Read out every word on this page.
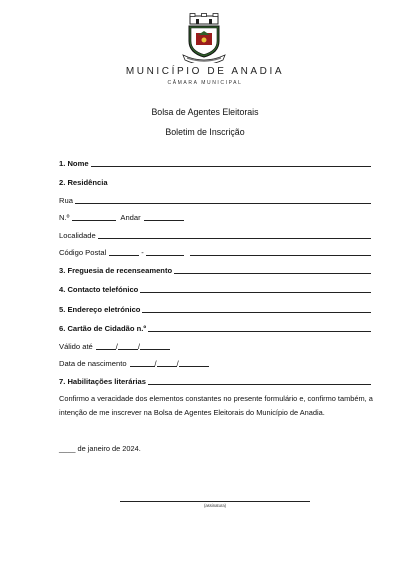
MUNICÍPIO DE ANADIA
CÂMARA MUNICIPAL
Bolsa de Agentes Eleitorais
Boletim de Inscrição
1. Nome
2. Residência
Rua
N.º	Andar
Localidade
Código Postal	-
3. Freguesia de recenseamento
4. Contacto telefónico
5. Endereço eletrónico
6. Cartão de Cidadão n.º
Válido até	/	/
Data de nascimento	/	/
7. Habilitações literárias
Confirmo a veracidade dos elementos constantes no presente formulário e, confirmo também, a intenção de me inscrever na Bolsa de Agentes Eleitorais do Município de Anadia.
____ de janeiro de 2024.
(assinatura)
